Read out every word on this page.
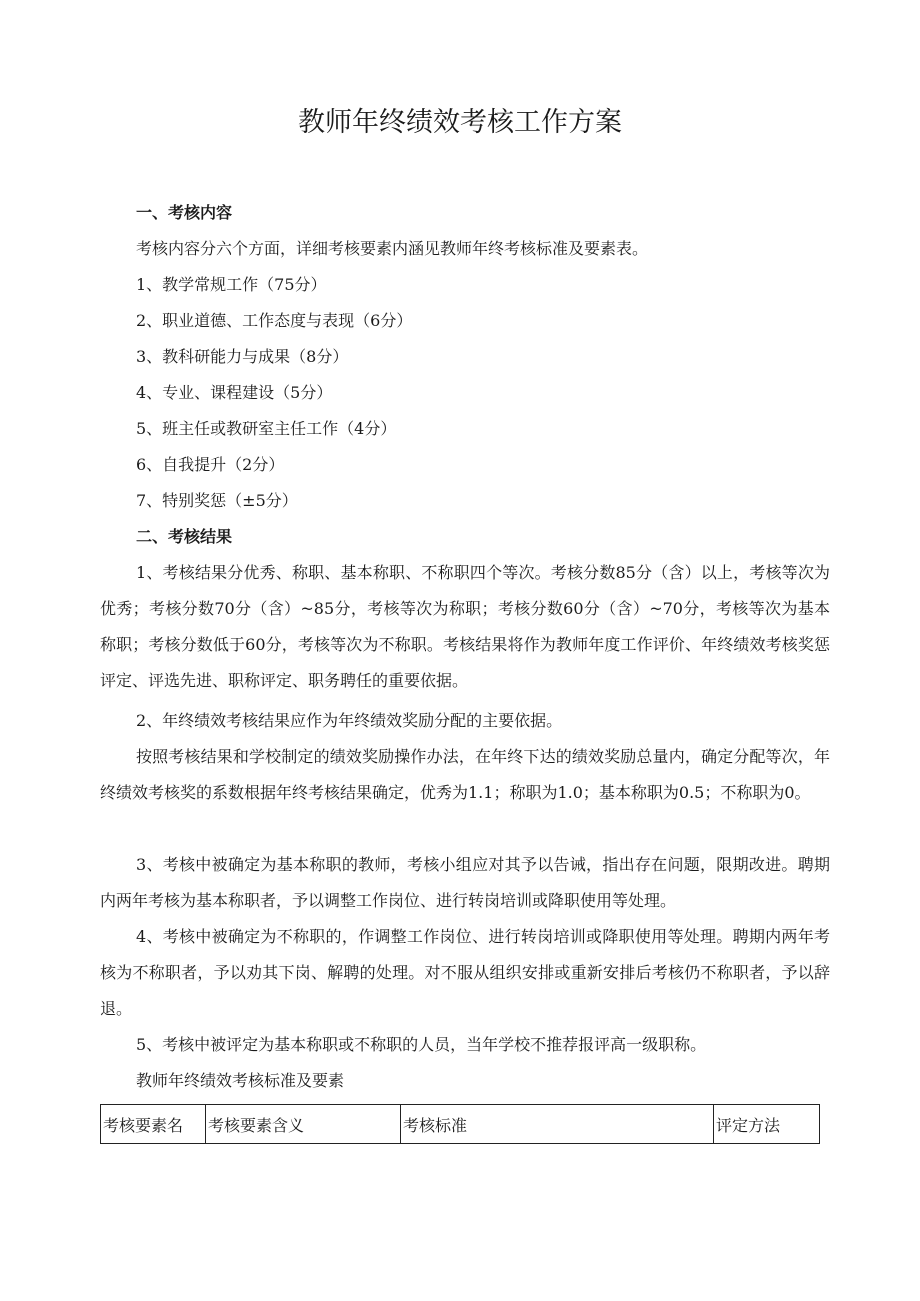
教师年终绩效考核工作方案
一、考核内容
考核内容分六个方面，详细考核要素内涵见教师年终考核标准及要素表。
1、教学常规工作（75分）
2、职业道德、工作态度与表现（6分）
3、教科研能力与成果（8分）
4、专业、课程建设（5分）
5、班主任或教研室主任工作（4分）
6、自我提升（2分）
7、特别奖惩（±5分）
二、考核结果
1、考核结果分优秀、称职、基本称职、不称职四个等次。考核分数85分（含）以上，考核等次为优秀；考核分数70分（含）~85分，考核等次为称职；考核分数60分（含）~70分，考核等次为基本称职；考核分数低于60分，考核等次为不称职。考核结果将作为教师年度工作评价、年终绩效考核奖惩评定、评选先进、职称评定、职务聘任的重要依据。
2、年终绩效考核结果应作为年终绩效奖励分配的主要依据。
按照考核结果和学校制定的绩效奖励操作办法，在年终下达的绩效奖励总量内，确定分配等次，年终绩效考核奖的系数根据年终考核结果确定，优秀为1.1；称职为1.0；基本称职为0.5；不称职为0。
3、考核中被确定为基本称职的教师，考核小组应对其予以告诫，指出存在问题，限期改进。聘期内两年考核为基本称职者，予以调整工作岗位、进行转岗培训或降职使用等处理。
4、考核中被确定为不称职的，作调整工作岗位、进行转岗培训或降职使用等处理。聘期内两年考核为不称职者，予以劝其下岗、解聘的处理。对不服从组织安排或重新安排后考核仍不称职者，予以辞退。
5、考核中被评定为基本称职或不称职的人员，当年学校不推荐报评高一级职称。
教师年终绩效考核标准及要素
考核要素名	考核要素含义	考核标准	评定方法
